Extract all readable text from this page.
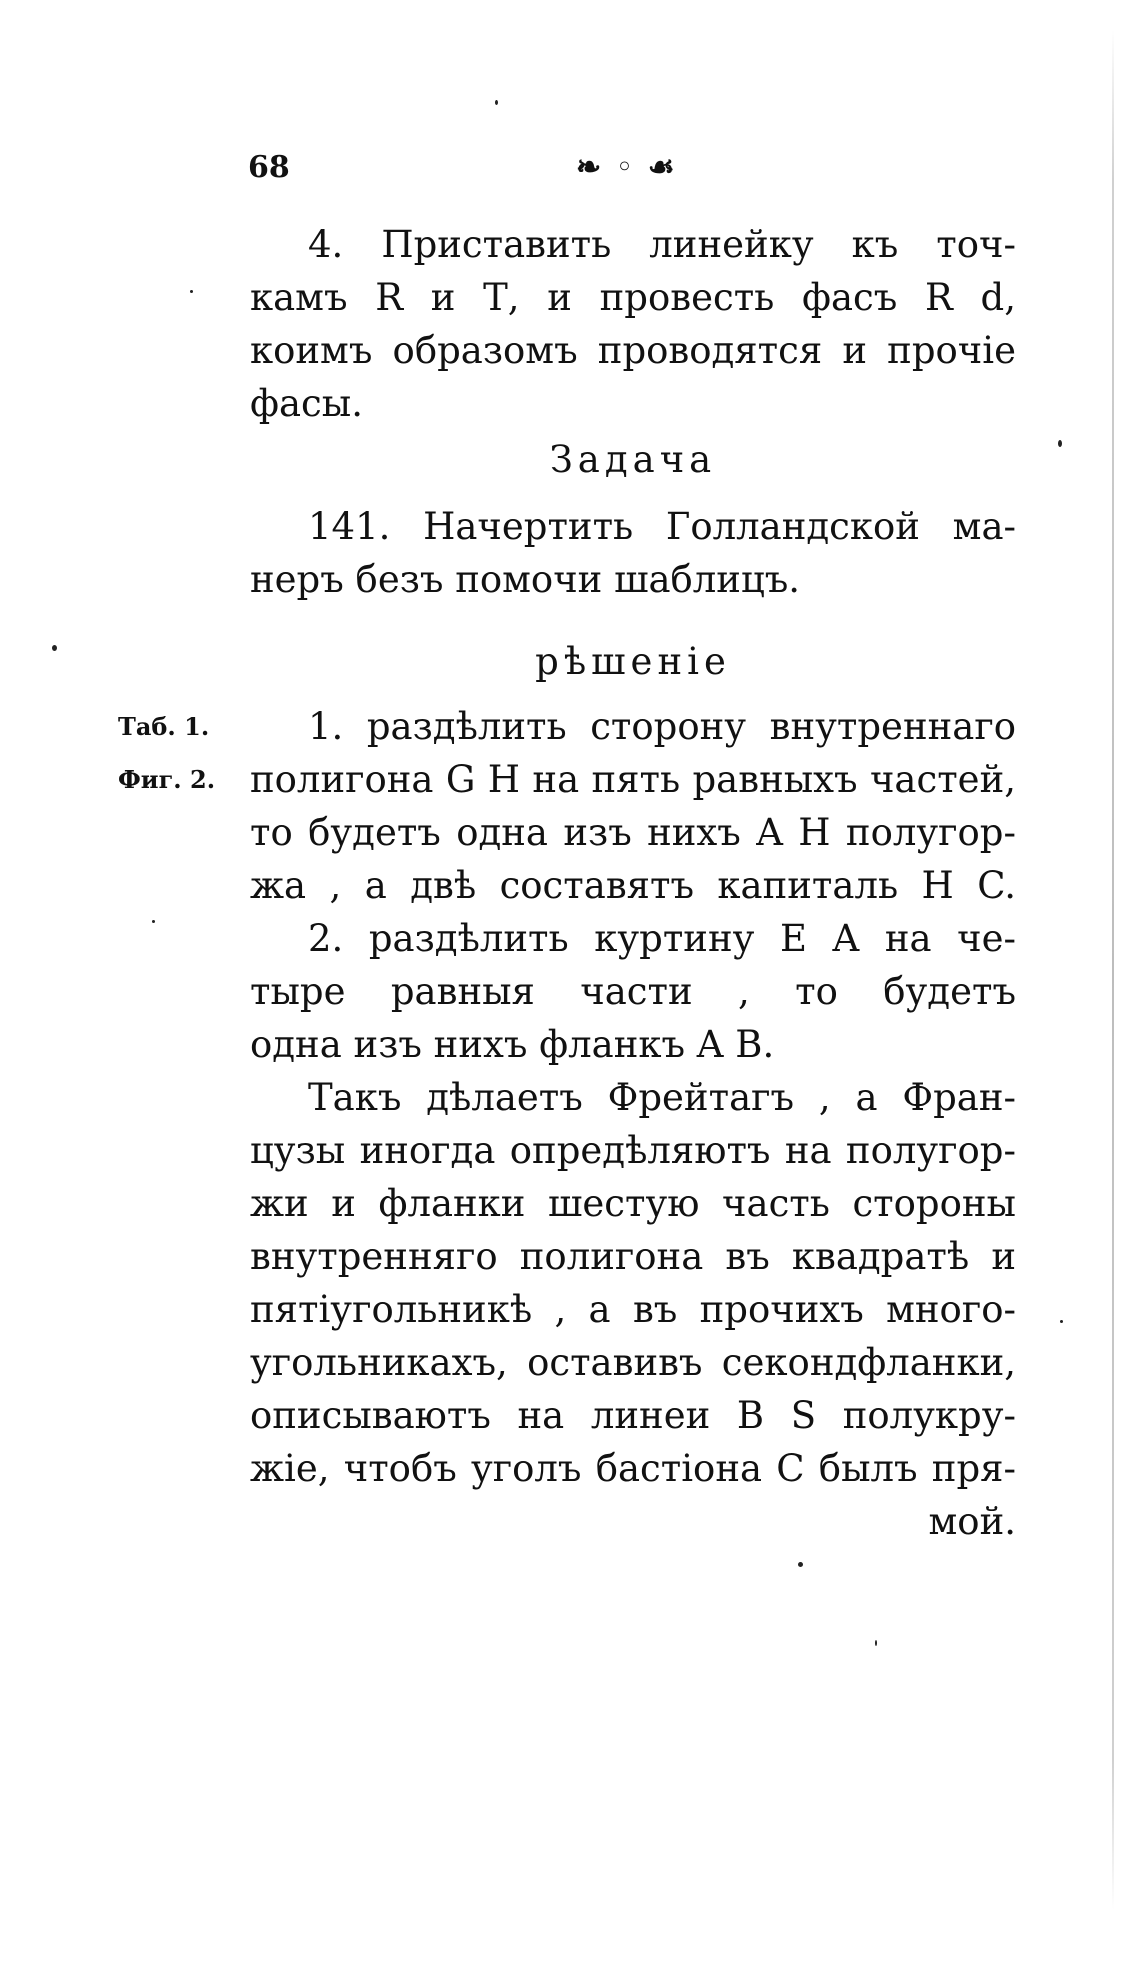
68	❧ ◦ ☙
4. Приставить линейку къ точ-
камъ R и Т, и провесть фасъ R d,
коимъ образомъ проводятся и прочіе
фасы.
Задача
141. Начертить Голландской ма-
неръ безъ помочи шаблицъ.
рѣшеніе
Таб. 1.
Фиг. 2.
1. раздѣлить сторону внутреннаго
полигона G H на пять равныхъ частей,
то будетъ одна изъ нихъ A H полугор-
жа , а двѣ составятъ капиталь H C.
2. раздѣлить куртину E A на че-
тыре равныя части , то будетъ
одна изъ нихъ фланкъ A B.
Такъ дѣлаетъ Фрейтагъ , а Фран-
цузы иногда опредѣляютъ на полугор-
жи и фланки шестую часть стороны
внутренняго полигона въ квадратѣ и
пятіугольникѣ , а въ прочихъ много-
угольникахъ, оставивъ секондфланки,
описываютъ на линеи B S полукру-
жіе, чтобъ уголъ бастіона C былъ пря-
мой.
